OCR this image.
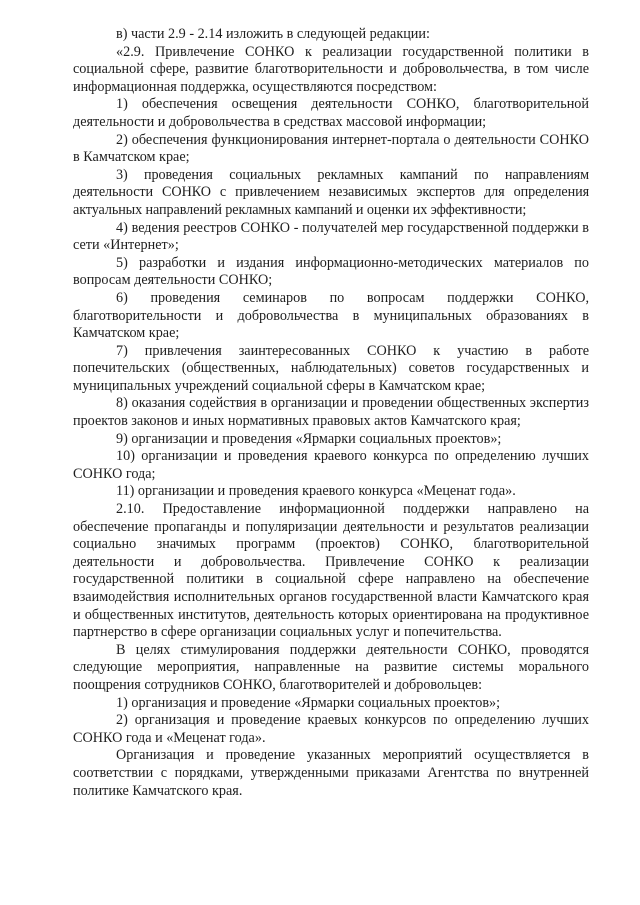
в) части 2.9 - 2.14 изложить в следующей редакции:

«2.9. Привлечение СОНКО к реализации государственной политики в социальной сфере, развитие благотворительности и добровольчества, в том числе информационная поддержка, осуществляются посредством:

1) обеспечения освещения деятельности СОНКО, благотворительной деятельности и добровольчества в средствах массовой информации;

2) обеспечения функционирования интернет-портала о деятельности СОНКО в Камчатском крае;

3) проведения социальных рекламных кампаний по направлениям деятельности СОНКО с привлечением независимых экспертов для определения актуальных направлений рекламных кампаний и оценки их эффективности;

4) ведения реестров СОНКО - получателей мер государственной поддержки в сети «Интернет»;

5) разработки и издания информационно-методических материалов по вопросам деятельности СОНКО;

6) проведения семинаров по вопросам поддержки СОНКО, благотворительности и добровольчества в муниципальных образованиях в Камчатском крае;

7) привлечения заинтересованных СОНКО к участию в работе попечительских (общественных, наблюдательных) советов государственных и муниципальных учреждений социальной сферы в Камчатском крае;

8) оказания содействия в организации и проведении общественных экспертиз проектов законов и иных нормативных правовых актов Камчатского края;

9) организации и проведения «Ярмарки социальных проектов»;

10) организации и проведения краевого конкурса по определению лучших СОНКО года;

11) организации и проведения краевого конкурса «Меценат года».

2.10. Предоставление информационной поддержки направлено на обеспечение пропаганды и популяризации деятельности и результатов реализации социально значимых программ (проектов) СОНКО, благотворительной деятельности и добровольчества. Привлечение СОНКО к реализации государственной политики в социальной сфере направлено на обеспечение взаимодействия исполнительных органов государственной власти Камчатского края и общественных институтов, деятельность которых ориентирована на продуктивное партнерство в сфере организации социальных услуг и попечительства.

В целях стимулирования поддержки деятельности СОНКО, проводятся следующие мероприятия, направленные на развитие системы морального поощрения сотрудников СОНКО, благотворителей и добровольцев:

1) организация и проведение «Ярмарки социальных проектов»;

2) организация и проведение краевых конкурсов по определению лучших СОНКО года и «Меценат года».

Организация и проведение указанных мероприятий осуществляется в соответствии с порядками, утвержденными приказами Агентства по внутренней политике Камчатского края.
